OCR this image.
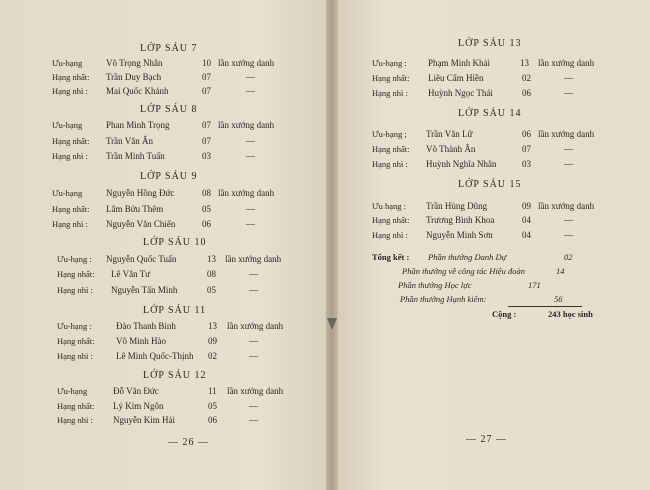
LỚP SÁU 7
Ưu-hạng	Võ Trọng Nhân	10 lần xướng danh
Hạng nhất: Trần Duy Bạch	07	—
Hạng nhì : Mai Quốc Khánh	07	—
LỚP SÁU 8
Ưu-hạng	Phan Minh Trọng	07 lần xướng danh
Hạng nhất: Trần Văn Ân	07	—
Hạng nhì : Trần Minh Tuấn	03	—
LỚP SÁU 9
Ưu-hạng	Nguyễn Hồng Đức	08 lần xướng danh
Hạng nhất: Lâm Bửu Thêm	05	—
Hạng nhì : Nguyễn Văn Chiến	06	—
LỚP SÁU 10
Ưu-hạng : Nguyễn Quốc Tuấn	13 lần xướng danh
Hạng nhất: Lê Văn Tư	08	—
Hạng nhì : Nguyễn Tấn Minh	05	—
LỚP SÁU 11
Ưu-hạng :	Đào Thanh Bình	13 lần xướng danh
Hạng nhất: Võ Minh Hào	09	—
Hạng nhì :	Lê Minh Quốc-Thịnh 02	—
LỚP SÁU 12
Ưu-hạng	Đỗ Văn Đức	11 lần xướng danh
Hạng nhất: Lý Kim Ngôn	05	—
Hạng nhì : Nguyễn Kim Hải	06	—
— 26 —
LỚP SÁU 13
Ưu-hạng : Phạm Minh Khải	13 lần xướng danh
Hạng nhất: Liêu Cẩm Hiền	02	—
Hạng nhì : Huỳnh Ngọc Thái	06	—
LỚP SÁU 14
Ưu-hạng ; Trần Văn Lữ	06 lần xướng danh
Hạng nhất: Võ Thành Ân	07	—
Hạng nhì : Huỳnh Nghĩa Nhân	03	—
LỚP SÁU 15
Ưu hạng : Trần Hùng Dũng	09 lần xướng danh
Hạng nhất: Trương Bình Khoa	04	—
Hạng nhì : Nguyễn Minh Sơn	04	—
Tổng kết : Phần thưởng Danh Dự	02
Phần thưởng về công tác Hiệu đoàn	14
Phần thưởng Học lực	171
Phần thưởng Hạnh kiểm:	56
Cộng :	243 học sinh
— 27 —
